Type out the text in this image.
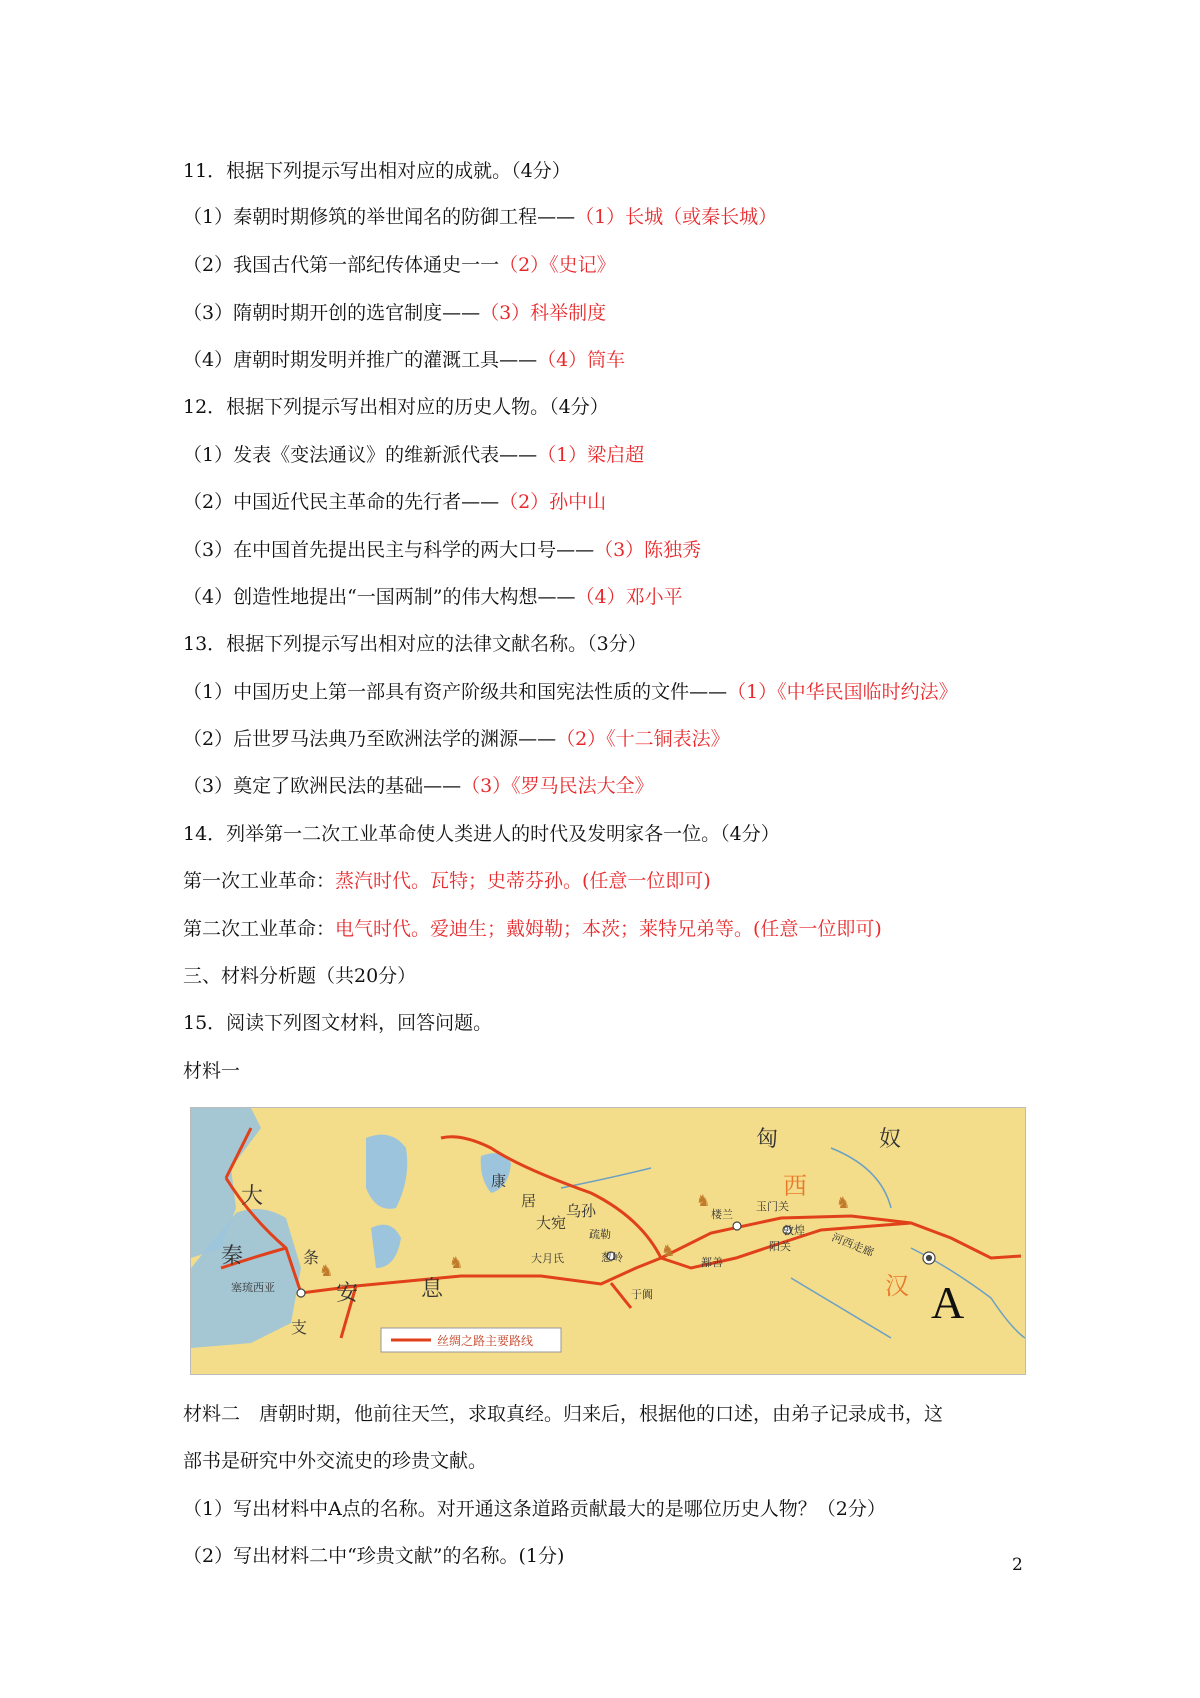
11．根据下列提示写出相对应的成就。（4分）
（1）秦朝时期修筑的举世闻名的防御工程——（1）长城（或秦长城）
（2）我国古代第一部纪传体通史一一（2）《史记》
（3）隋朝时期开创的选官制度——（3）科举制度
（4）唐朝时期发明并推广的灌溉工具——（4）筒车
12．根据下列提示写出相对应的历史人物。（4分）
（1）发表《变法通议》的维新派代表——（1）梁启超
（2）中国近代民主革命的先行者——（2）孙中山
（3）在中国首先提出民主与科学的两大口号——（3）陈独秀
（4）创造性地提出“一国两制”的伟大构想——（4）邓小平
13．根据下列提示写出相对应的法律文献名称。（3分）
（1）中国历史上第一部具有资产阶级共和国宪法性质的文件——（1）《中华民国临时约法》
（2）后世罗马法典乃至欧洲法学的渊源——（2）《十二铜表法》
（3）奠定了欧洲民法的基础——（3）《罗马民法大全》
14．列举第一二次工业革命使人类进人的时代及发明家各一位。（4分）
第一次工业革命：蒸汽时代。瓦特；史蒂芬孙。(任意一位即可)
第二次工业革命：电气时代。爱迪生；戴姆勒；本茨；莱特兄弟等。(任意一位即可)
三、材料分析题（共20分）
15．阅读下列图文材料，回答问题。
材料一
匈	奴
大
秦
安	息
康
居
乌孙
大宛	楼兰
玉门关
敦煌
阳关
鄯善
河西走廊
疏勒
葱岭
大月氏
于阗
塞琉西亚
条
支
西
汉 A
♞	♞
♞
♞
♞
丝绸之路主要路线
材料二　唐朝时期，他前往天竺，求取真经。归来后，根据他的口述，由弟子记录成书，这
部书是研究中外交流史的珍贵文献。
（1）写出材料中A点的名称。对开通这条道路贡献最大的是哪位历史人物？（2分）
（2）写出材料二中“珍贵文献”的名称。(1分)	2
